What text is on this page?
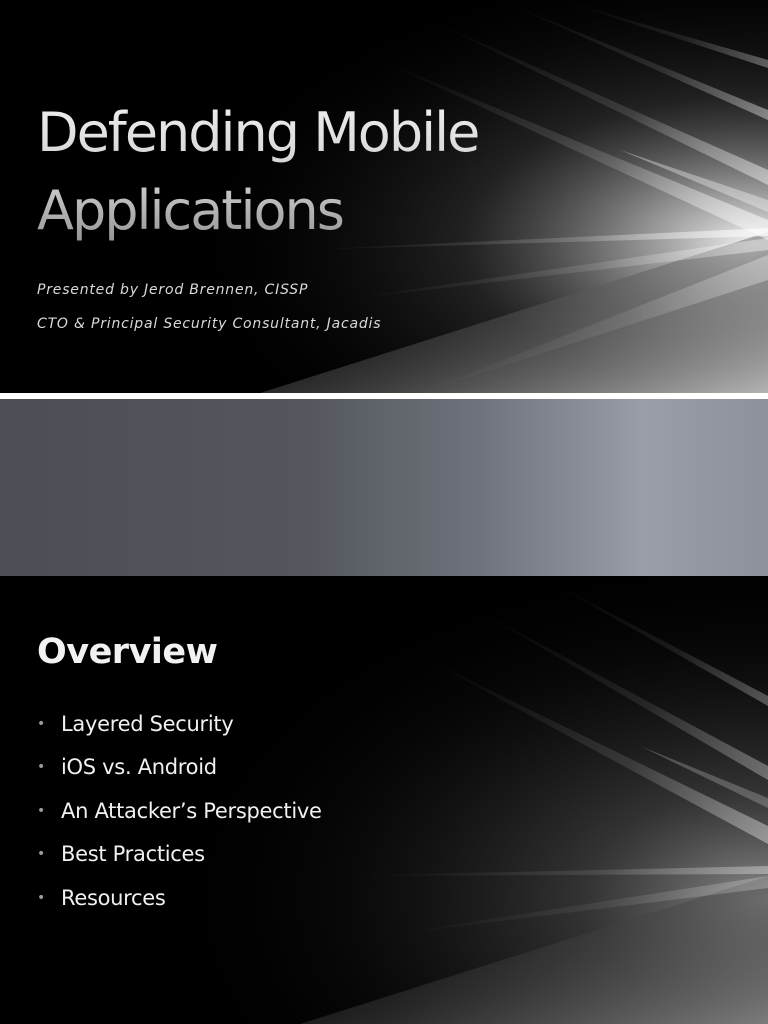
Defending Mobile
Applications

Presented by Jerod Brennen, CISSP

CTO & Principal Security Consultant, Jacadis

Overview
• Layered Security
• iOS vs. Android
• An Attacker’s Perspective
• Best Practices
• Resources
